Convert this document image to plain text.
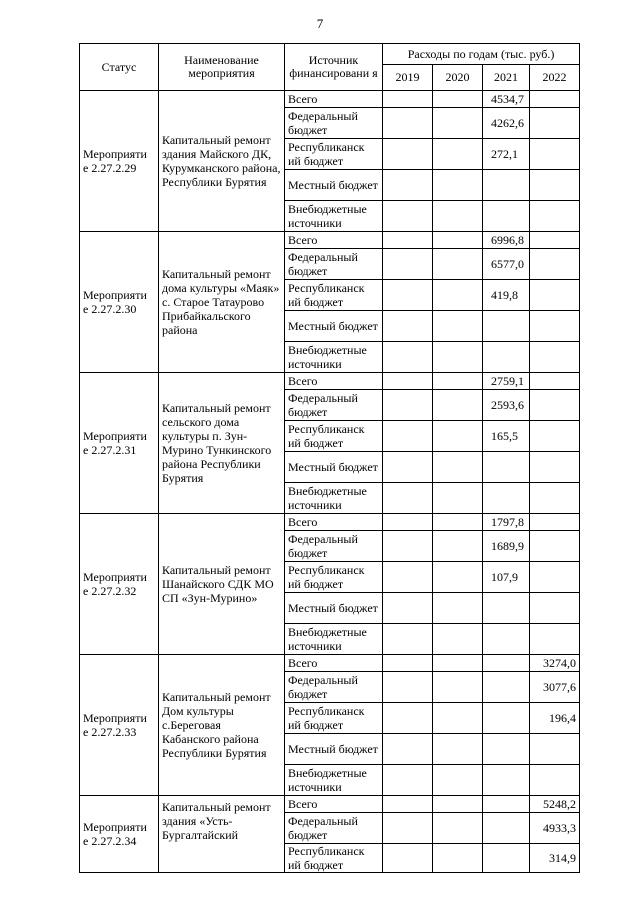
7
Статус	Наименование мероприятия	Источник финансировани я	Расходы по годам (тыс. руб.)			
			2019	2020	2021	2022
Мероприяти е 2.27.2.29	Капитальный ремонт здания Майского ДК, Курумканского района, Республики Бурятия	Всего			4534,7	
		Федеральный бюджет			4262,6	
		Республиканск ий бюджет			272,1	
		Местный бюджет				
		Внебюджетные источники				
Мероприяти е 2.27.2.30	Капитальный ремонт дома культуры «Маяк» с. Старое Татаурово Прибайкальского района	Всего			6996,8	
		Федеральный бюджет			6577,0	
		Республиканск ий бюджет			419,8	
		Местный бюджет				
		Внебюджетные источники				
Мероприяти е 2.27.2.31	Капитальный ремонт сельского дома культуры п. Зун-Мурино Тункинского района Республики Бурятия	Всего			2759,1	
		Федеральный бюджет			2593,6	
		Республиканск ий бюджет			165,5	
		Местный бюджет				
		Внебюджетные источники				
Мероприяти е 2.27.2.32	Капитальный ремонт Шанайского СДК МО СП «Зун-Мурино»	Всего			1797,8	
		Федеральный бюджет			1689,9	
		Республиканск ий бюджет			107,9	
		Местный бюджет				
		Внебюджетные источники				
Мероприяти е 2.27.2.33	Капитальный ремонт Дом культуры с.Береговая Кабанского района Республики Бурятия	Всего				3274,0
		Федеральный бюджет				3077,6
		Республиканск ий бюджет				196,4
		Местный бюджет				
		Внебюджетные источники				
Мероприяти е 2.27.2.34	Капитальный ремонт здания «Усть-Бургалтайский	Всего				5248,2
		Федеральный бюджет				4933,3
		Республиканск ий бюджет				314,9
